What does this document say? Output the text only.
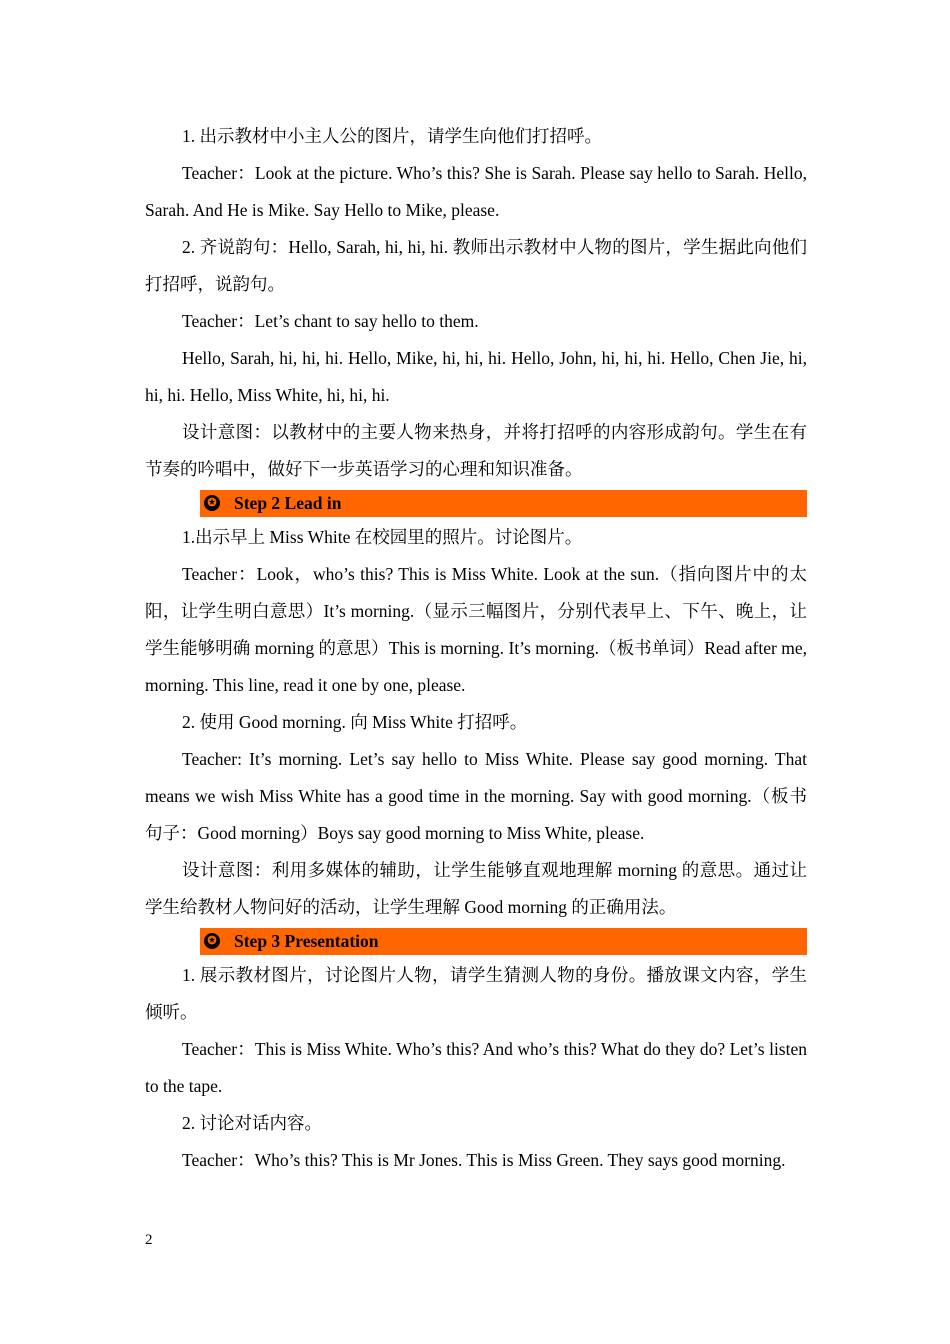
1. 出示教材中小主人公的图片，请学生向他们打招呼。

Teacher：Look at the picture. Who’s this? She is Sarah. Please say hello to Sarah. Hello, Sarah. And He is Mike. Say Hello to Mike, please.

2. 齐说韵句：Hello, Sarah, hi, hi, hi. 教师出示教材中人物的图片，学生据此向他们打招呼，说韵句。

Teacher：Let’s chant to say hello to them.

Hello, Sarah, hi, hi, hi. Hello, Mike, hi, hi, hi. Hello, John, hi, hi, hi. Hello, Chen Jie, hi, hi, hi. Hello, Miss White, hi, hi, hi.

设计意图：以教材中的主要人物来热身，并将打招呼的内容形成韵句。学生在有节奏的吟唱中，做好下一步英语学习的心理和知识准备。

✪ Step 2 Lead in

1.出示早上 Miss White 在校园里的照片。讨论图片。

Teacher：Look，who’s this? This is Miss White. Look at the sun.（指向图片中的太阳，让学生明白意思）It’s morning.（显示三幅图片，分别代表早上、下午、晚上，让学生能够明确 morning 的意思）This is morning. It’s morning.（板书单词）Read after me, morning. This line, read it one by one, please.

2. 使用 Good morning. 向 Miss White 打招呼。

Teacher: It’s morning. Let’s say hello to Miss White. Please say good morning. That means we wish Miss White has a good time in the morning. Say with good morning.（板书句子：Good morning）Boys say good morning to Miss White, please.

设计意图：利用多媒体的辅助，让学生能够直观地理解 morning 的意思。通过让学生给教材人物问好的活动，让学生理解 Good morning 的正确用法。

✪ Step 3 Presentation

1. 展示教材图片，讨论图片人物，请学生猜测人物的身份。播放课文内容，学生倾听。

Teacher：This is Miss White. Who’s this? And who’s this? What do they do? Let’s listen to the tape.

2. 讨论对话内容。

Teacher：Who’s this? This is Mr Jones. This is Miss Green. They says good morning.

2
